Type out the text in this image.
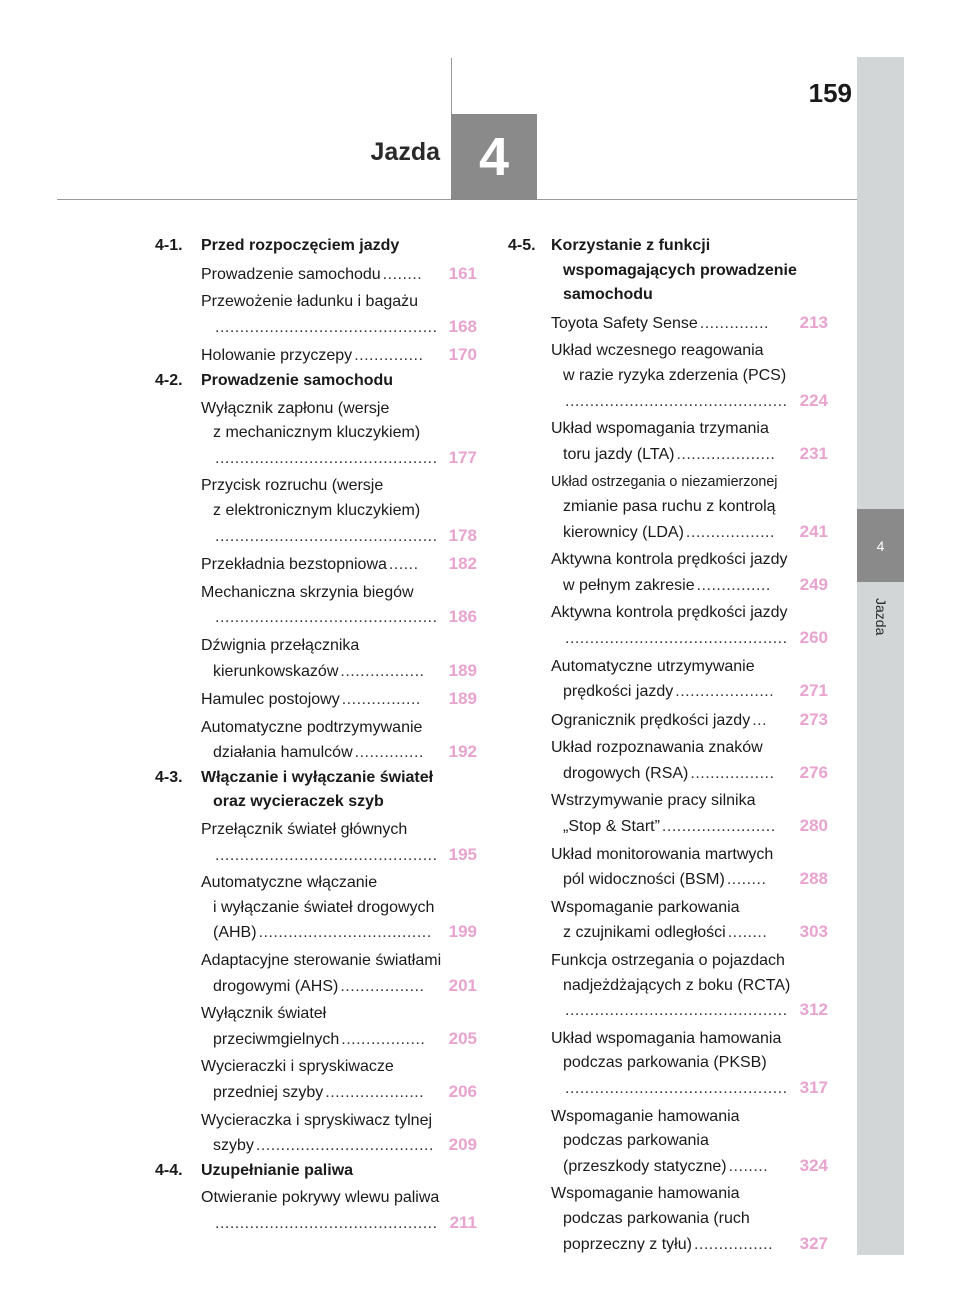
Jazda 4
159
4
Jazda
4-1. Przed rozpoczęciem jazdy
Prowadzenie samochodu ........	161
Przewożenie ładunku i bagażu
............................................. 168
Holowanie przyczepy ..............	170
4-2. Prowadzenie samochodu
Wyłącznik zapłonu (wersje
z mechanicznym kluczykiem)
............................................. 177
Przycisk rozruchu (wersje
z elektronicznym kluczykiem)
............................................. 178
Przekładnia bezstopniowa ......	182
Mechaniczna skrzynia biegów
............................................. 186
Dźwignia przełącznika
kierunkowskazów .................	189
Hamulec postojowy ................	189
Automatyczne podtrzymywanie
działania hamulców ..............	192
4-3. Włączanie i wyłączanie świateł
oraz wycieraczek szyb
Przełącznik świateł głównych
............................................. 195
Automatyczne włączanie
i wyłączanie świateł drogowych
(AHB) ................................... 199
Adaptacyjne sterowanie światłami
drogowymi (AHS) .................	201
Wyłącznik świateł
przeciwmgielnych .................	205
Wycieraczki i spryskiwacze
przedniej szyby ....................	206
Wycieraczka i spryskiwacz tylnej
szyby .................................... 209
4-4. Uzupełnianie paliwa
Otwieranie pokrywy wlewu paliwa
............................................. 211
4-5. Korzystanie z funkcji
wspomagających prowadzenie
samochodu
Toyota Safety Sense ..............	213
Układ wczesnego reagowania
w razie ryzyka zderzenia (PCS)
............................................. 224
Układ wspomagania trzymania
toru jazdy (LTA) ....................	231
Układ ostrzegania o niezamierzonej
zmianie pasa ruchu z kontrolą
kierownicy (LDA) ..................	241
Aktywna kontrola prędkości jazdy
w pełnym zakresie ...............	249
Aktywna kontrola prędkości jazdy
............................................. 260
Automatyczne utrzymywanie
prędkości jazdy ....................	271
Ogranicznik prędkości jazdy ...	273
Układ rozpoznawania znaków
drogowych (RSA) .................	276
Wstrzymywanie pracy silnika
„Stop & Start” .......................	280
Układ monitorowania martwych
pól widoczności (BSM) ........	288
Wspomaganie parkowania
z czujnikami odległości ........	303
Funkcja ostrzegania o pojazdach
nadjeżdżających z boku (RCTA)
............................................. 312
Układ wspomagania hamowania
podczas parkowania (PKSB)
............................................. 317
Wspomaganie hamowania
podczas parkowania
(przeszkody statyczne) ........	324
Wspomaganie hamowania
podczas parkowania (ruch
poprzeczny z tyłu) ................	327
